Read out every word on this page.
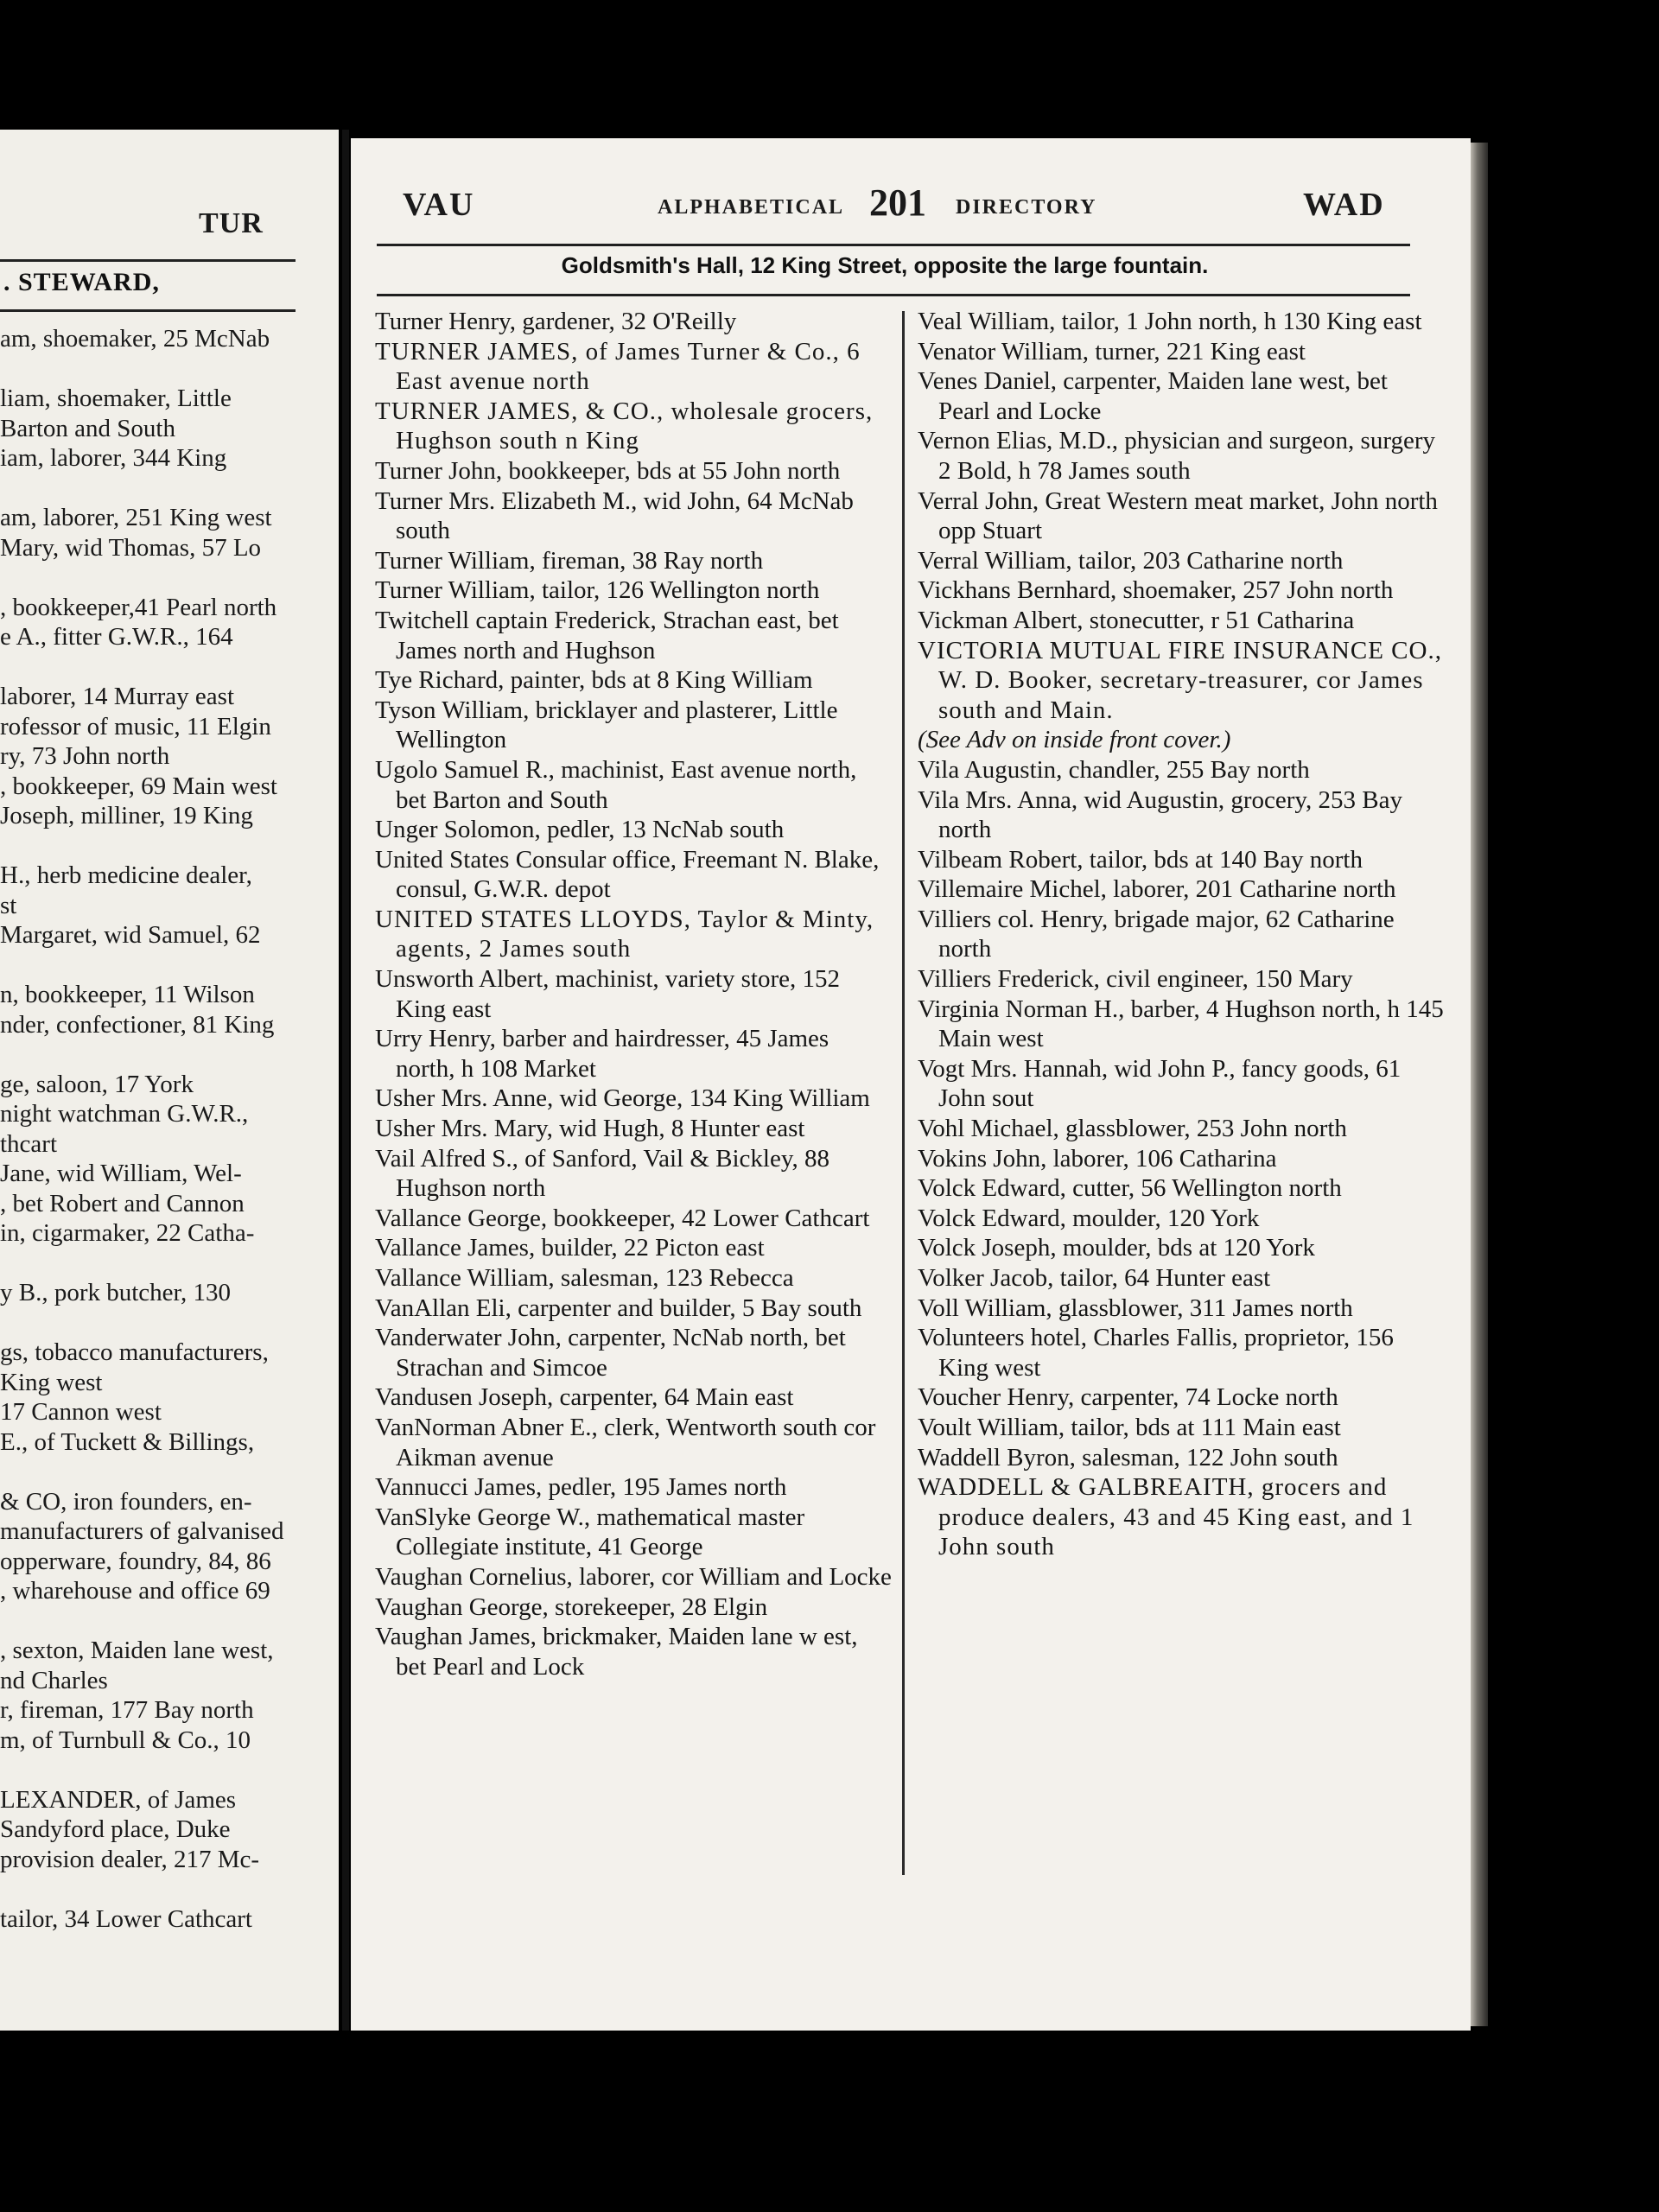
TUR
. STEWARD,
am, shoemaker, 25 McNab
liam, shoemaker, Little
Barton and South
iam, laborer, 344 King
am, laborer, 251 King west
Mary, wid Thomas, 57 Lo
, bookkeeper,41 Pearl north
e A., fitter G.W.R., 164
laborer, 14 Murray east
rofessor of music, 11 Elgin
ry, 73 John north
, bookkeeper, 69 Main west
Joseph, milliner, 19 King
H., herb medicine dealer,
st
Margaret, wid Samuel, 62
n, bookkeeper, 11 Wilson
nder, confectioner, 81 King
ge, saloon, 17 York
night watchman G.W.R.,
thcart
Jane, wid William, Wel-
, bet Robert and Cannon
in, cigarmaker, 22 Catha-
y B., pork butcher, 130
gs, tobacco manufacturers,
King west
17 Cannon west
E., of Tuckett & Billings,
& CO, iron founders, en-
manufacturers of galvanised
opperware, foundry, 84, 86
, wharehouse and office 69
, sexton, Maiden lane west,
nd Charles
r, fireman, 177 Bay north
m, of Turnbull & Co., 10
LEXANDER, of James
Sandyford place, Duke
provision dealer, 217 Mc-
tailor, 34 Lower Cathcart
VAU	ALPHABETICAL 201 DIRECTORY	WAD
Goldsmith's Hall, 12 King Street, opposite the large fountain.
Turner Henry, gardener, 32 O'Reilly
TURNER JAMES, of James Turner & Co., 6 East avenue north
TURNER JAMES, & CO., wholesale grocers, Hughson south n King
Turner John, bookkeeper, bds at 55 John north
Turner Mrs. Elizabeth M., wid John, 64 McNab south
Turner William, fireman, 38 Ray north
Turner William, tailor, 126 Wellington north
Twitchell captain Frederick, Strachan east, bet James north and Hughson
Tye Richard, painter, bds at 8 King William
Tyson William, bricklayer and plasterer, Little Wellington
Ugolo Samuel R., machinist, East avenue north, bet Barton and South
Unger Solomon, pedler, 13 NcNab south
United States Consular office, Freemant N. Blake, consul, G.W.R. depot
UNITED STATES LLOYDS, Taylor & Minty, agents, 2 James south
Unsworth Albert, machinist, variety store, 152 King east
Urry Henry, barber and hairdresser, 45 James north, h 108 Market
Usher Mrs. Anne, wid George, 134 King William
Usher Mrs. Mary, wid Hugh, 8 Hunter east
Vail Alfred S., of Sanford, Vail & Bickley, 88 Hughson north
Vallance George, bookkeeper, 42 Lower Cathcart
Vallance James, builder, 22 Picton east
Vallance William, salesman, 123 Rebecca
VanAllan Eli, carpenter and builder, 5 Bay south
Vanderwater John, carpenter, NcNab north, bet Strachan and Simcoe
Vandusen Joseph, carpenter, 64 Main east
VanNorman Abner E., clerk, Wentworth south cor Aikman avenue
Vannucci James, pedler, 195 James north
VanSlyke George W., mathematical master Collegiate institute, 41 George
Vaughan Cornelius, laborer, cor William and Locke
Vaughan George, storekeeper, 28 Elgin
Vaughan James, brickmaker, Maiden lane w est, bet Pearl and Lock
Veal William, tailor, 1 John north, h 130 King east
Venator William, turner, 221 King east
Venes Daniel, carpenter, Maiden lane west, bet Pearl and Locke
Vernon Elias, M.D., physician and surgeon, surgery 2 Bold, h 78 James south
Verral John, Great Western meat market, John north opp Stuart
Verral William, tailor, 203 Catharine north
Vickhans Bernhard, shoemaker, 257 John north
Vickman Albert, stonecutter, r 51 Catharina
VICTORIA MUTUAL FIRE INSURANCE CO., W. D. Booker, secretary-treasurer, cor James south and Main.
(See Adv on inside front cover.)
Vila Augustin, chandler, 255 Bay north
Vila Mrs. Anna, wid Augustin, grocery, 253 Bay north
Vilbeam Robert, tailor, bds at 140 Bay north
Villemaire Michel, laborer, 201 Catharine north
Villiers col. Henry, brigade major, 62 Catharine north
Villiers Frederick, civil engineer, 150 Mary
Virginia Norman H., barber, 4 Hughson north, h 145 Main west
Vogt Mrs. Hannah, wid John P., fancy goods, 61 John sout
Vohl Michael, glassblower, 253 John north
Vokins John, laborer, 106 Catharina
Volck Edward, cutter, 56 Wellington north
Volck Edward, moulder, 120 York
Volck Joseph, moulder, bds at 120 York
Volker Jacob, tailor, 64 Hunter east
Voll William, glassblower, 311 James north
Volunteers hotel, Charles Fallis, proprietor, 156 King west
Voucher Henry, carpenter, 74 Locke north
Voult William, tailor, bds at 111 Main east
Waddell Byron, salesman, 122 John south
WADDELL & GALBREAITH, grocers and produce dealers, 43 and 45 King east, and 1 John south
